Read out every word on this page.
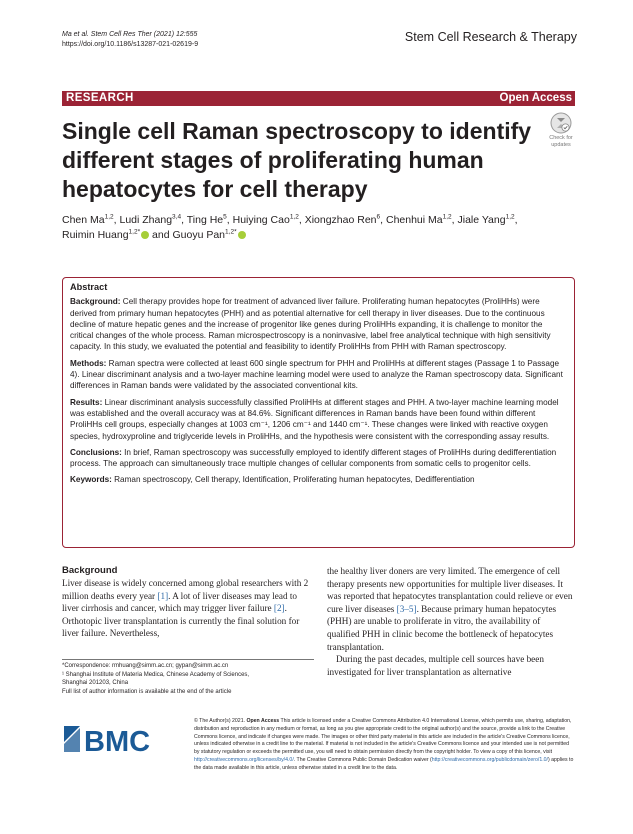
Ma et al. Stem Cell Res Ther (2021) 12:555
https://doi.org/10.1186/s13287-021-02619-9
Stem Cell Research & Therapy
RESEARCH	Open Access
Single cell Raman spectroscopy to identify different stages of proliferating human hepatocytes for cell therapy
Check for
updates
Chen Ma$^{1,2}$, Ludi Zhang$^{3,4}$, Ting He$^5$, Huiying Cao$^{1,2}$, Xiongzhao Ren$^6$, Chenhui Ma$^{1,2}$, Jiale Yang$^{1,2}$,
Ruimin Huang$^{1,2*}$ and Guoyu Pan$^{1,2*}$
Abstract

Background: Cell therapy provides hope for treatment of advanced liver failure. Proliferating human hepatocytes (ProliHHs) were derived from primary human hepatocytes (PHH) and as potential alternative for cell therapy in liver diseases. Due to the continuous decline of mature hepatic genes and the increase of progenitor like genes during ProliHHs expanding, it is challenge to monitor the critical changes of the whole process. Raman microspectroscopy is a noninvasive, label free analytical technique with high sensitivity capacity. In this study, we evaluated the potential and feasibility to identify ProliHHs from PHH with Raman spectroscopy.

Methods: Raman spectra were collected at least 600 single spectrum for PHH and ProliHHs at different stages (Passage 1 to Passage 4). Linear discriminant analysis and a two-layer machine learning model were used to analyze the Raman spectroscopy data. Significant differences in Raman bands were validated by the associated conventional kits.

Results: Linear discriminant analysis successfully classified ProliHHs at different stages and PHH. A two-layer machine learning model was established and the overall accuracy was at 84.6%. Significant differences in Raman bands have been found within different ProliHHs cell groups, especially changes at 1003 cm⁻¹, 1206 cm⁻¹ and 1440 cm⁻¹. These changes were linked with reactive oxygen species, hydroxyproline and triglyceride levels in ProliHHs, and the hypothesis were consistent with the corresponding assay results.

Conclusions: In brief, Raman spectroscopy was successfully employed to identify different stages of ProliHHs during dedifferentiation process. The approach can simultaneously trace multiple changes of cellular components from somatic cells to progenitor cells.

Keywords: Raman spectroscopy, Cell therapy, Identification, Proliferating human hepatocytes, Dedifferentiation

Background

Liver disease is widely concerned among global researchers with 2 million deaths every year [1]. A lot of liver diseases may lead to liver cirrhosis and cancer, which may trigger liver failure [2]. Orthotopic liver transplantation is currently the final solution for liver failure. Nevertheless,

the healthy liver doners are very limited. The emergence of cell therapy presents new opportunities for multiple liver diseases. It was reported that hepatocytes transplantation could relieve or even cure liver diseases [3–5]. Because primary human hepatocytes (PHH) are unable to proliferate in vitro, the availability of qualified PHH in clinic become the bottleneck of hepatocytes transplantation.

During the past decades, multiple cell sources have been investigated for liver transplantation as alternative

*Correspondence: rmhuang@simm.ac.cn; gypan@simm.ac.cn
¹ Shanghai Institute of Materia Medica, Chinese Academy of Sciences,
Shanghai 201203, China
Full list of author information is available at the end of the article
BMC
© The Author(s) 2021. Open Access This article is licensed under a Creative Commons Attribution 4.0 International License, which permits use, sharing, adaptation, distribution and reproduction in any medium or format, as long as you give appropriate credit to the original author(s) and the source, provide a link to the Creative Commons licence, and indicate if changes were made. The images or other third party material in this article are included in the article's Creative Commons licence, unless indicated otherwise in a credit line to the material. If material is not included in the article's Creative Commons licence and your intended use is not permitted by statutory regulation or exceeds the permitted use, you will need to obtain permission directly from the copyright holder. To view a copy of this licence, visit http://creativecommons.org/licenses/by/4.0/. The Creative Commons Public Domain Dedication waiver (http://creativecommons.org/publicdomain/zero/1.0/) applies to the data made available in this article, unless otherwise stated in a credit line to the data.
